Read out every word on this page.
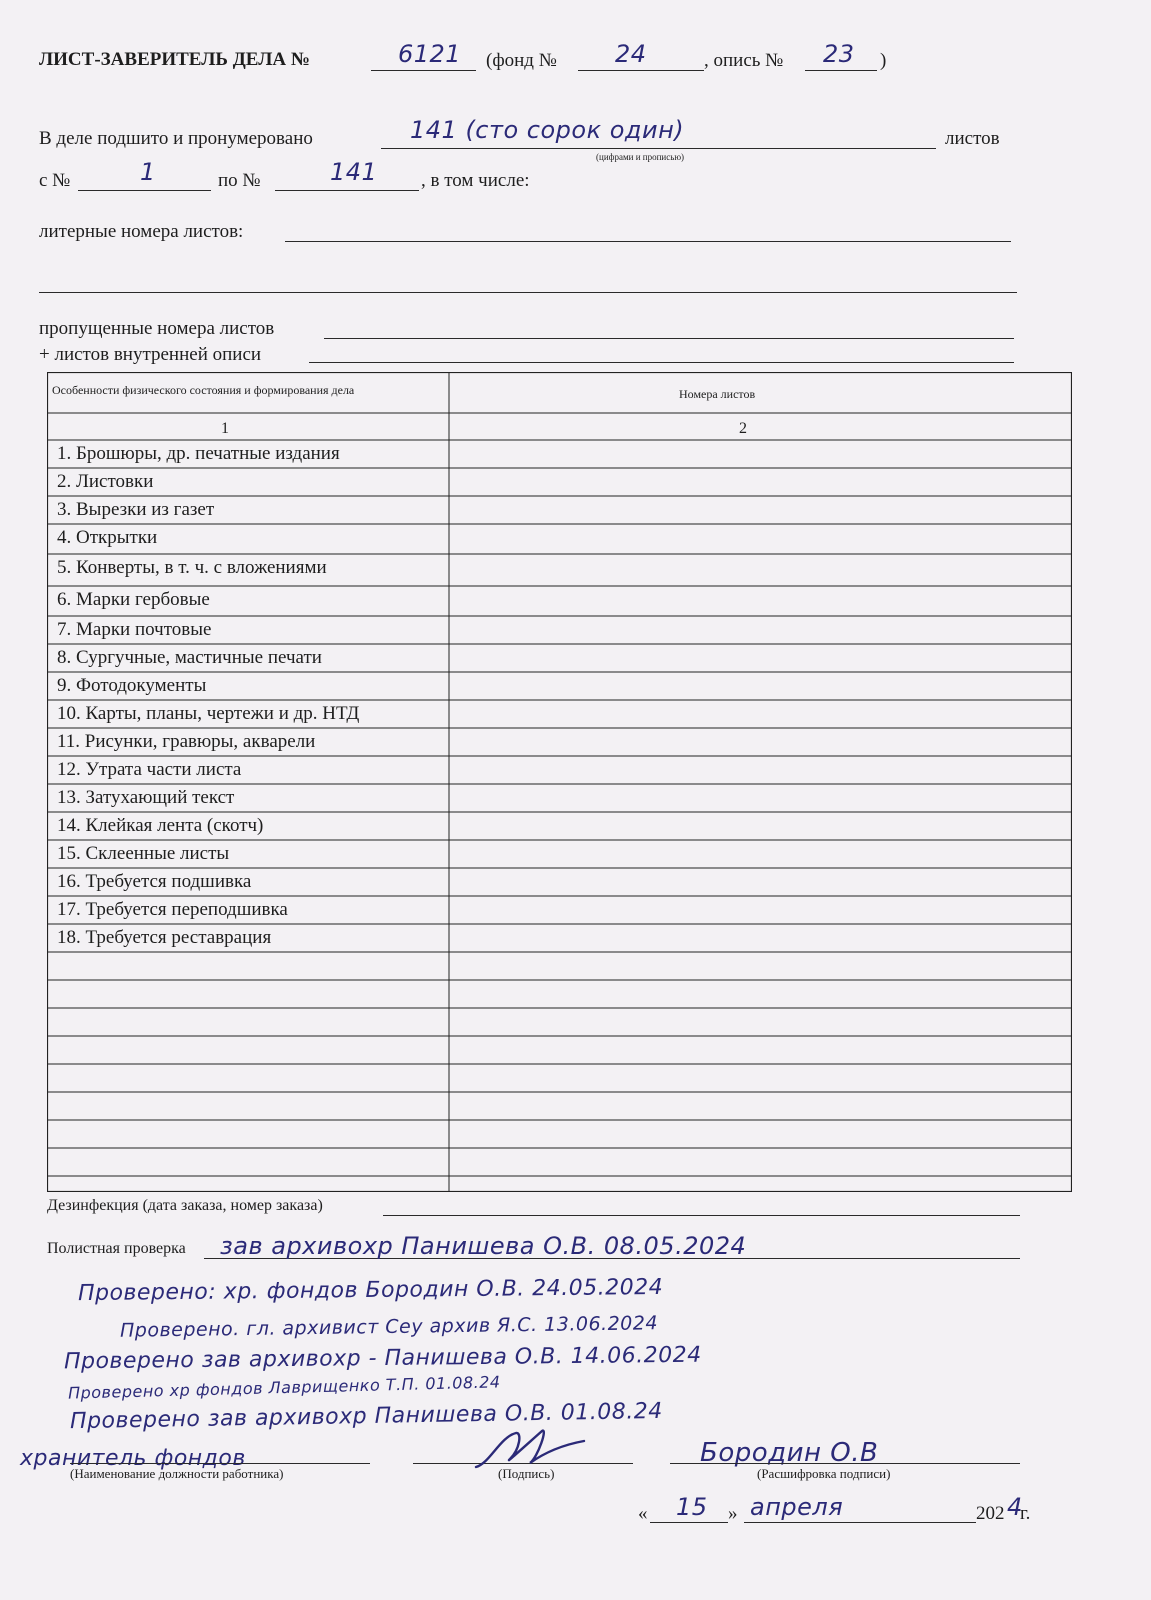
ЛИСТ-ЗАВЕРИТЕЛЬ ДЕЛА №	6121 (фонд № 24	, опись № 23 )
В деле подшито и пронумеровано	141 (сто сорок один)
(цифрами и прописью)
листов
с №	1	по №	141 , в том числе:
литерные номера листов:
пропущенные номера листов
+ листов внутренней описи
Особенности физического состояния и формирования дела	Номера листов
1	2
1. Брошюры, др. печатные издания
2. Листовки
3. Вырезки из газет
4. Открытки
5. Конверты, в т. ч. с вложениями
6. Марки гербовые
7. Марки почтовые
8. Сургучные, мастичные печати
9. Фотодокументы
10. Карты, планы, чертежи и др. НТД
11. Рисунки, гравюры, акварели
12. Утрата части листа
13. Затухающий текст
14. Клейкая лента (скотч)
15. Склеенные листы
16. Требуется подшивка
17. Требуется переподшивка
18. Требуется реставрация
Дезинфекция (дата заказа, номер заказа)
Полистная проверка зав архивохр Панишева О.В. 08.05.2024
Проверено: хр. фондов Бородин О.В. 24.05.2024
Проверено. гл. архивист Сеу архив Я.С. 13.06.2024
Проверено зав архивохр - Панишева О.В. 14.06.2024
Проверено хр фондов Лаврищенко Т.П. 01.08.24
Проверено зав архивохр Панишева О.В. 01.08.24
хранитель фондов
(Наименование должности работника)	(Подпись)
Бородин О.В
(Расшифровка подписи)
« 15 » апреля	202 4
г.
